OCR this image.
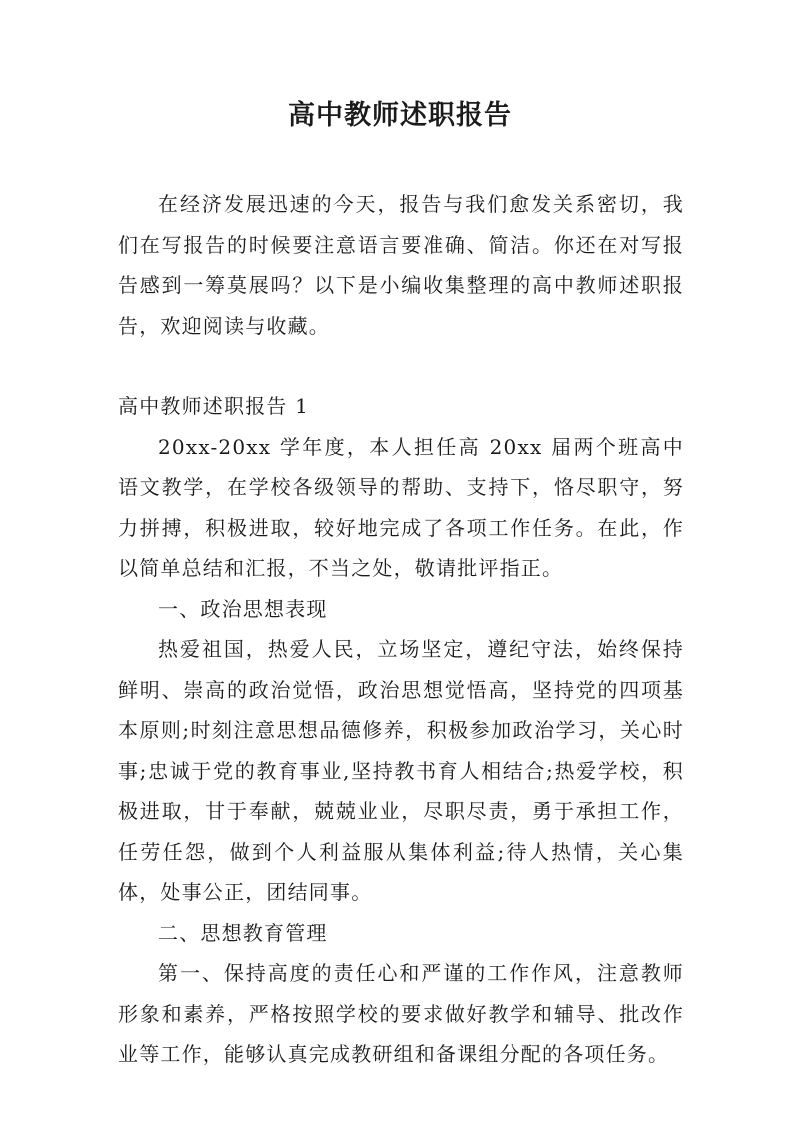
高中教师述职报告

在经济发展迅速的今天，报告与我们愈发关系密切，我们在写报告的时候要注意语言要准确、简洁。你还在对写报告感到一筹莫展吗？以下是小编收集整理的高中教师述职报告，欢迎阅读与收藏。

高中教师述职报告 1

20xx-20xx 学年度，本人担任高 20xx 届两个班高中语文教学，在学校各级领导的帮助、支持下，恪尽职守，努力拼搏，积极进取，较好地完成了各项工作任务。在此，作以简单总结和汇报，不当之处，敬请批评指正。

一、政治思想表现

热爱祖国，热爱人民，立场坚定，遵纪守法，始终保持鲜明、崇高的政治觉悟，政治思想觉悟高，坚持党的四项基本原则;时刻注意思想品德修养，积极参加政治学习，关心时事;忠诚于党的教育事业,坚持教书育人相结合;热爱学校，积极进取，甘于奉献，兢兢业业，尽职尽责，勇于承担工作，任劳任怨，做到个人利益服从集体利益;待人热情，关心集体，处事公正，团结同事。

二、思想教育管理

第一、保持高度的责任心和严谨的工作作风，注意教师形象和素养，严格按照学校的要求做好教学和辅导、批改作业等工作，能够认真完成教研组和备课组分配的各项任务。
